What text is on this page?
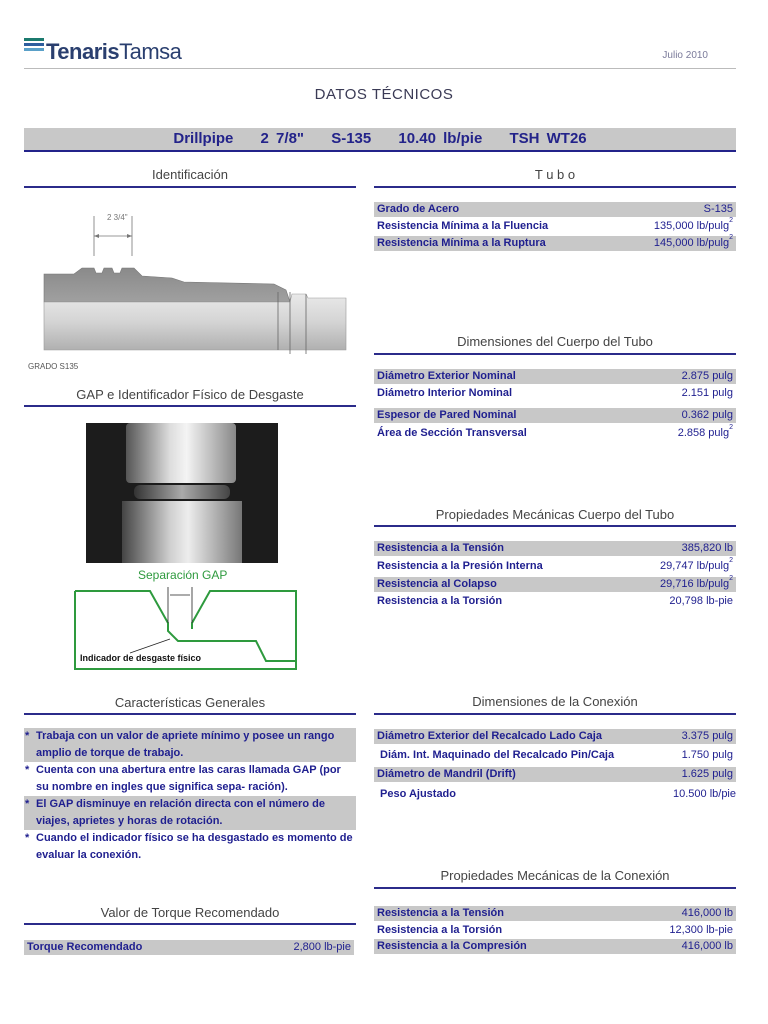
TenarisTamsa	Julio 2010
DATOS TÉCNICOS
Drillpipe 2 7/8" S-135 10.40 lb/pie TSH WT26
Identificación
2 3/4"
GRADO S135
GAP e Identificador Físico de Desgaste
Separación GAP
Indicador de desgaste físico
Características Generales
* Trabaja con un valor de apriete mínimo y posee un rango amplio de torque de trabajo.
* Cuenta con una abertura entre las caras llamada GAP (por su nombre en ingles que significa sepa- ración).
* El GAP disminuye en relación directa con el número de viajes, aprietes y horas de rotación.
* Cuando el indicador físico se ha desgastado es momento de evaluar la conexión.
Valor de Torque Recomendado
Torque Recomendado	2,800 lb-pie
T u b o
Grado de Acero	S-135
Resistencia Mínima a la Fluencia	135,000 lb/pulg$^2$
Resistencia Mínima a la Ruptura	145,000 lb/pulg$^2$
Dimensiones del Cuerpo del Tubo
Diámetro Exterior Nominal	2.875 pulg
Diámetro Interior Nominal	2.151 pulg
Espesor de Pared Nominal	0.362 pulg
Área de Sección Transversal	2.858 pulg$^2$
Propiedades Mecánicas Cuerpo del Tubo
Resistencia a la Tensión	385,820 lb
Resistencia a la Presión Interna	29,747 lb/pulg$^2$
Resistencia al Colapso	29,716 lb/pulg$^2$
Resistencia a la Torsión	20,798 lb-pie
Dimensiones de la Conexión
Diámetro Exterior del Recalcado Lado Caja	3.375 pulg
Diám. Int. Maquinado del Recalcado Pin/Caja	1.750 pulg
Diámetro de Mandril (Drift)	1.625 pulg
Peso Ajustado	10.500 lb/pie
Propiedades Mecánicas de la Conexión
Resistencia a la Tensión	416,000 lb
Resistencia a la Torsión	12,300 lb-pie
Resistencia a la Compresión	416,000 lb
